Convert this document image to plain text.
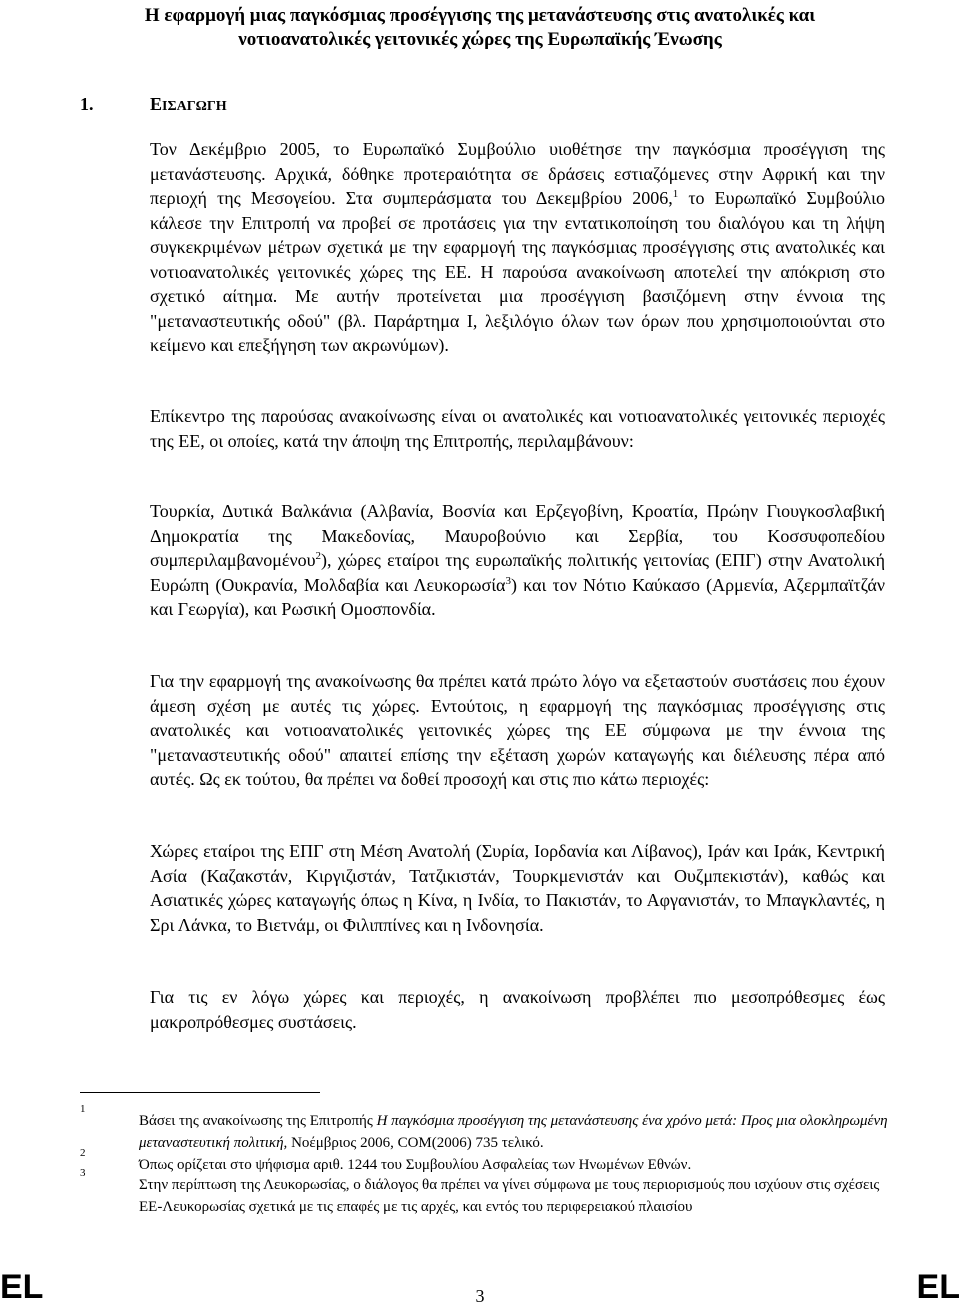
Η εφαρμογή μιας παγκόσμιας προσέγγισης της μετανάστευσης στις ανατολικές και
νοτιοανατολικές γειτονικές χώρες της Ευρωπαϊκής Ένωσης
1.	ΕΙΣΑΓΩΓΗ

Τον Δεκέμβριο 2005, το Ευρωπαϊκό Συμβούλιο υιοθέτησε την παγκόσμια προσέγγιση της μετανάστευσης. Αρχικά, δόθηκε προτεραιότητα σε δράσεις εστιαζόμενες στην Αφρική και την περιοχή της Μεσογείου. Στα συμπεράσματα του Δεκεμβρίου 2006,$^1$ το Ευρωπαϊκό Συμβούλιο κάλεσε την Επιτροπή να προβεί σε προτάσεις για την εντατικοποίηση του διαλόγου και τη λήψη συγκεκριμένων μέτρων σχετικά με την εφαρμογή της παγκόσμιας προσέγγισης στις ανατολικές και νοτιοανατολικές γειτονικές χώρες της ΕΕ. Η παρούσα ανακοίνωση αποτελεί την απόκριση στο σχετικό αίτημα. Με αυτήν προτείνεται μια προσέγγιση βασιζόμενη στην έννοια της "μεταναστευτικής οδού" (βλ. Παράρτημα Ι, λεξιλόγιο όλων των όρων που χρησιμοποιούνται στο κείμενο και επεξήγηση των ακρωνύμων).

Επίκεντρο της παρούσας ανακοίνωσης είναι οι ανατολικές και νοτιοανατολικές γειτονικές περιοχές της ΕΕ, οι οποίες, κατά την άποψη της Επιτροπής, περιλαμβάνουν:

Τουρκία, Δυτικά Βαλκάνια (Αλβανία, Βοσνία και Ερζεγοβίνη, Κροατία, Πρώην Γιουγκοσλαβική Δημοκρατία της Μακεδονίας, Μαυροβούνιο και Σερβία, του Κοσσυφοπεδίου συμπεριλαμβανομένου$^2$), χώρες εταίροι της ευρωπαϊκής πολιτικής γειτονίας (ΕΠΓ) στην Ανατολική Ευρώπη (Ουκρανία, Μολδαβία και Λευκορωσία$^3$) και τον Νότιο Καύκασο (Αρμενία, Αζερμπαϊτζάν και Γεωργία), και Ρωσική Ομοσπονδία.

Για την εφαρμογή της ανακοίνωσης θα πρέπει κατά πρώτο λόγο να εξεταστούν συστάσεις που έχουν άμεση σχέση με αυτές τις χώρες. Εντούτοις, η εφαρμογή της παγκόσμιας προσέγγισης στις ανατολικές και νοτιοανατολικές γειτονικές χώρες της ΕΕ σύμφωνα με την έννοια της "μεταναστευτικής οδού" απαιτεί επίσης την εξέταση χωρών καταγωγής και διέλευσης πέρα από αυτές. Ως εκ τούτου, θα πρέπει να δοθεί προσοχή και στις πιο κάτω περιοχές:

Χώρες εταίροι της ΕΠΓ στη Μέση Ανατολή (Συρία, Ιορδανία και Λίβανος), Ιράν και Ιράκ, Κεντρική Ασία (Καζακστάν, Κιργιζιστάν, Τατζικιστάν, Τουρκμενιστάν και Ουζμπεκιστάν), καθώς και Ασιατικές χώρες καταγωγής όπως η Κίνα, η Ινδία, το Πακιστάν, το Αφγανιστάν, το Μπαγκλαντές, η Σρι Λάνκα, το Βιετνάμ, οι Φιλιππίνες και η Ινδονησία.

Για τις εν λόγω χώρες και περιοχές, η ανακοίνωση προβλέπει πιο μεσοπρόθεσμες έως μακροπρόθεσμες συστάσεις.

1
Βάσει της ανακοίνωσης της Επιτροπής Η παγκόσμια προσέγγιση της μετανάστευσης ένα χρόνο μετά: Προς μια ολοκληρωμένη μεταναστευτική πολιτική, Νοέμβριος 2006, COM(2006) 735 τελικό.
2
Όπως ορίζεται στο ψήφισμα αριθ. 1244 του Συμβουλίου Ασφαλείας των Ηνωμένων Εθνών.
3
Στην περίπτωση της Λευκορωσίας, ο διάλογος θα πρέπει να γίνει σύμφωνα με τους περιορισμούς που ισχύουν στις σχέσεις ΕΕ-Λευκορωσίας σχετικά με τις επαφές με τις αρχές, και εντός του περιφερειακού πλαισίου
EL	3	EL
